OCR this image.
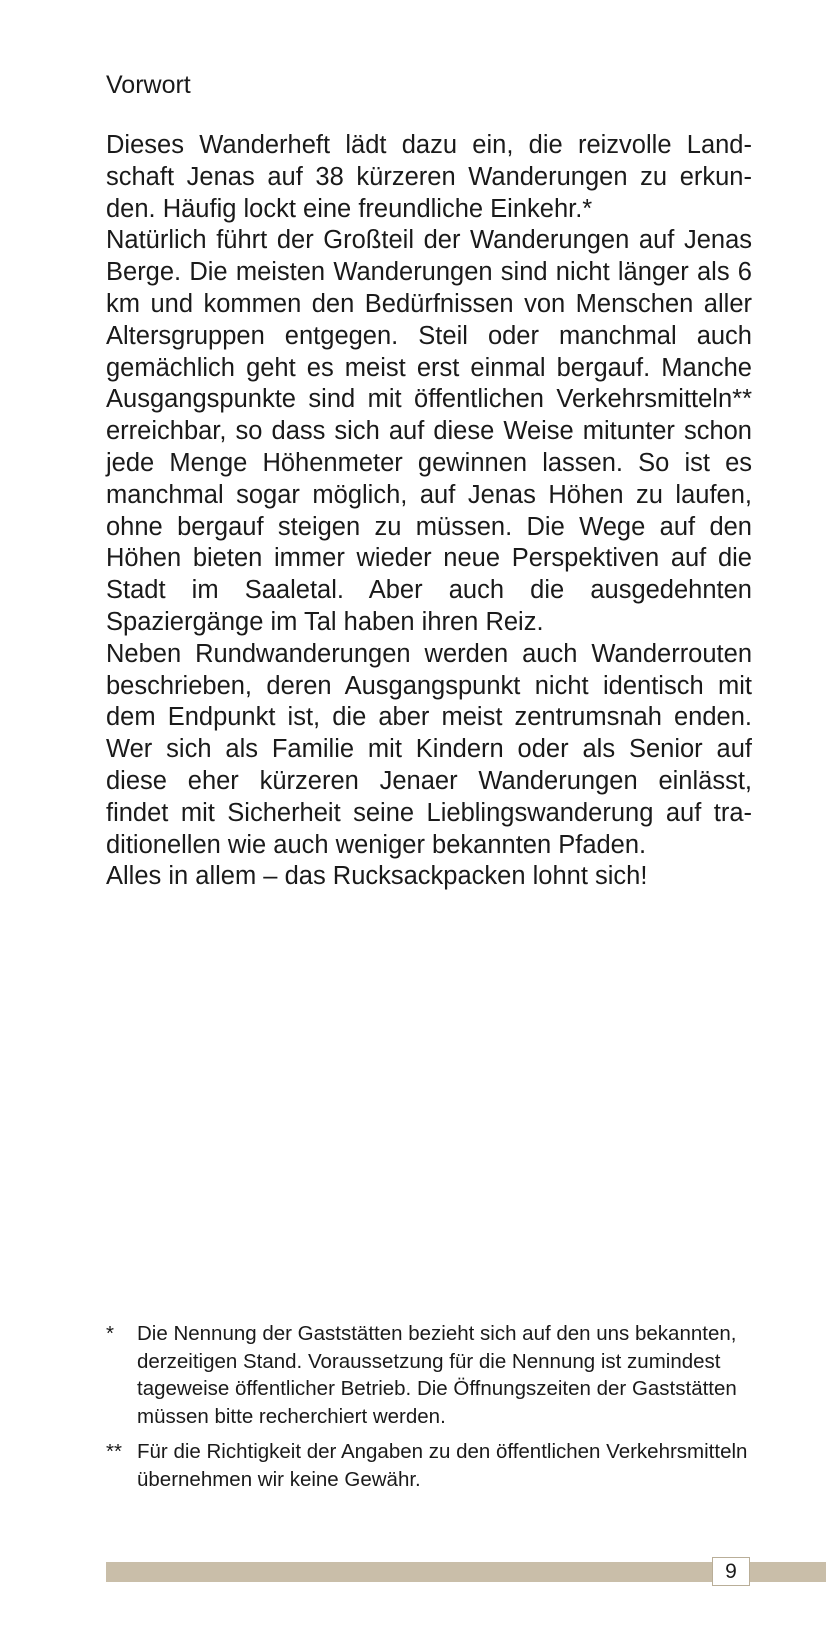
Vorwort

Dieses Wanderheft lädt dazu ein, die reizvolle Landschaft Jenas auf 38 kürzeren Wanderungen zu erkunden. Häufig lockt eine freundliche Einkehr.*

Natürlich führt der Großteil der Wanderungen auf Jenas Berge. Die meisten Wanderungen sind nicht länger als 6 km und kommen den Bedürfnissen von Menschen aller Altersgruppen entgegen. Steil oder manchmal auch gemächlich geht es meist erst einmal bergauf. Manche Ausgangspunkte sind mit öffentlichen Verkehrsmitteln** erreichbar, so dass sich auf diese Weise mitunter schon jede Menge Höhenmeter gewinnen lassen. So ist es manchmal sogar möglich, auf Jenas Höhen zu laufen, ohne bergauf steigen zu müssen. Die Wege auf den Höhen bieten immer wieder neue Perspektiven auf die Stadt im Saaletal. Aber auch die ausgedehnten Spaziergänge im Tal haben ihren Reiz.

Neben Rundwanderungen werden auch Wanderrouten beschrieben, deren Ausgangspunkt nicht identisch mit dem Endpunkt ist, die aber meist zentrumsnah enden. Wer sich als Familie mit Kindern oder als Senior auf diese eher kürzeren Jenaer Wanderungen einlässt, findet mit Sicherheit seine Lieblingswanderung auf traditionellen wie auch weniger bekannten Pfaden.

Alles in allem – das Rucksackpacken lohnt sich!

*	Die Nennung der Gaststätten bezieht sich auf den uns bekannten, derzeitigen Stand. Voraussetzung für die Nennung ist zumindest tageweise öffentlicher Betrieb. Die Öffnungszeiten der Gaststätten müssen bitte recherchiert werden.
** Für die Richtigkeit der Angaben zu den öffentlichen Verkehrsmitteln übernehmen wir keine Gewähr.
9
